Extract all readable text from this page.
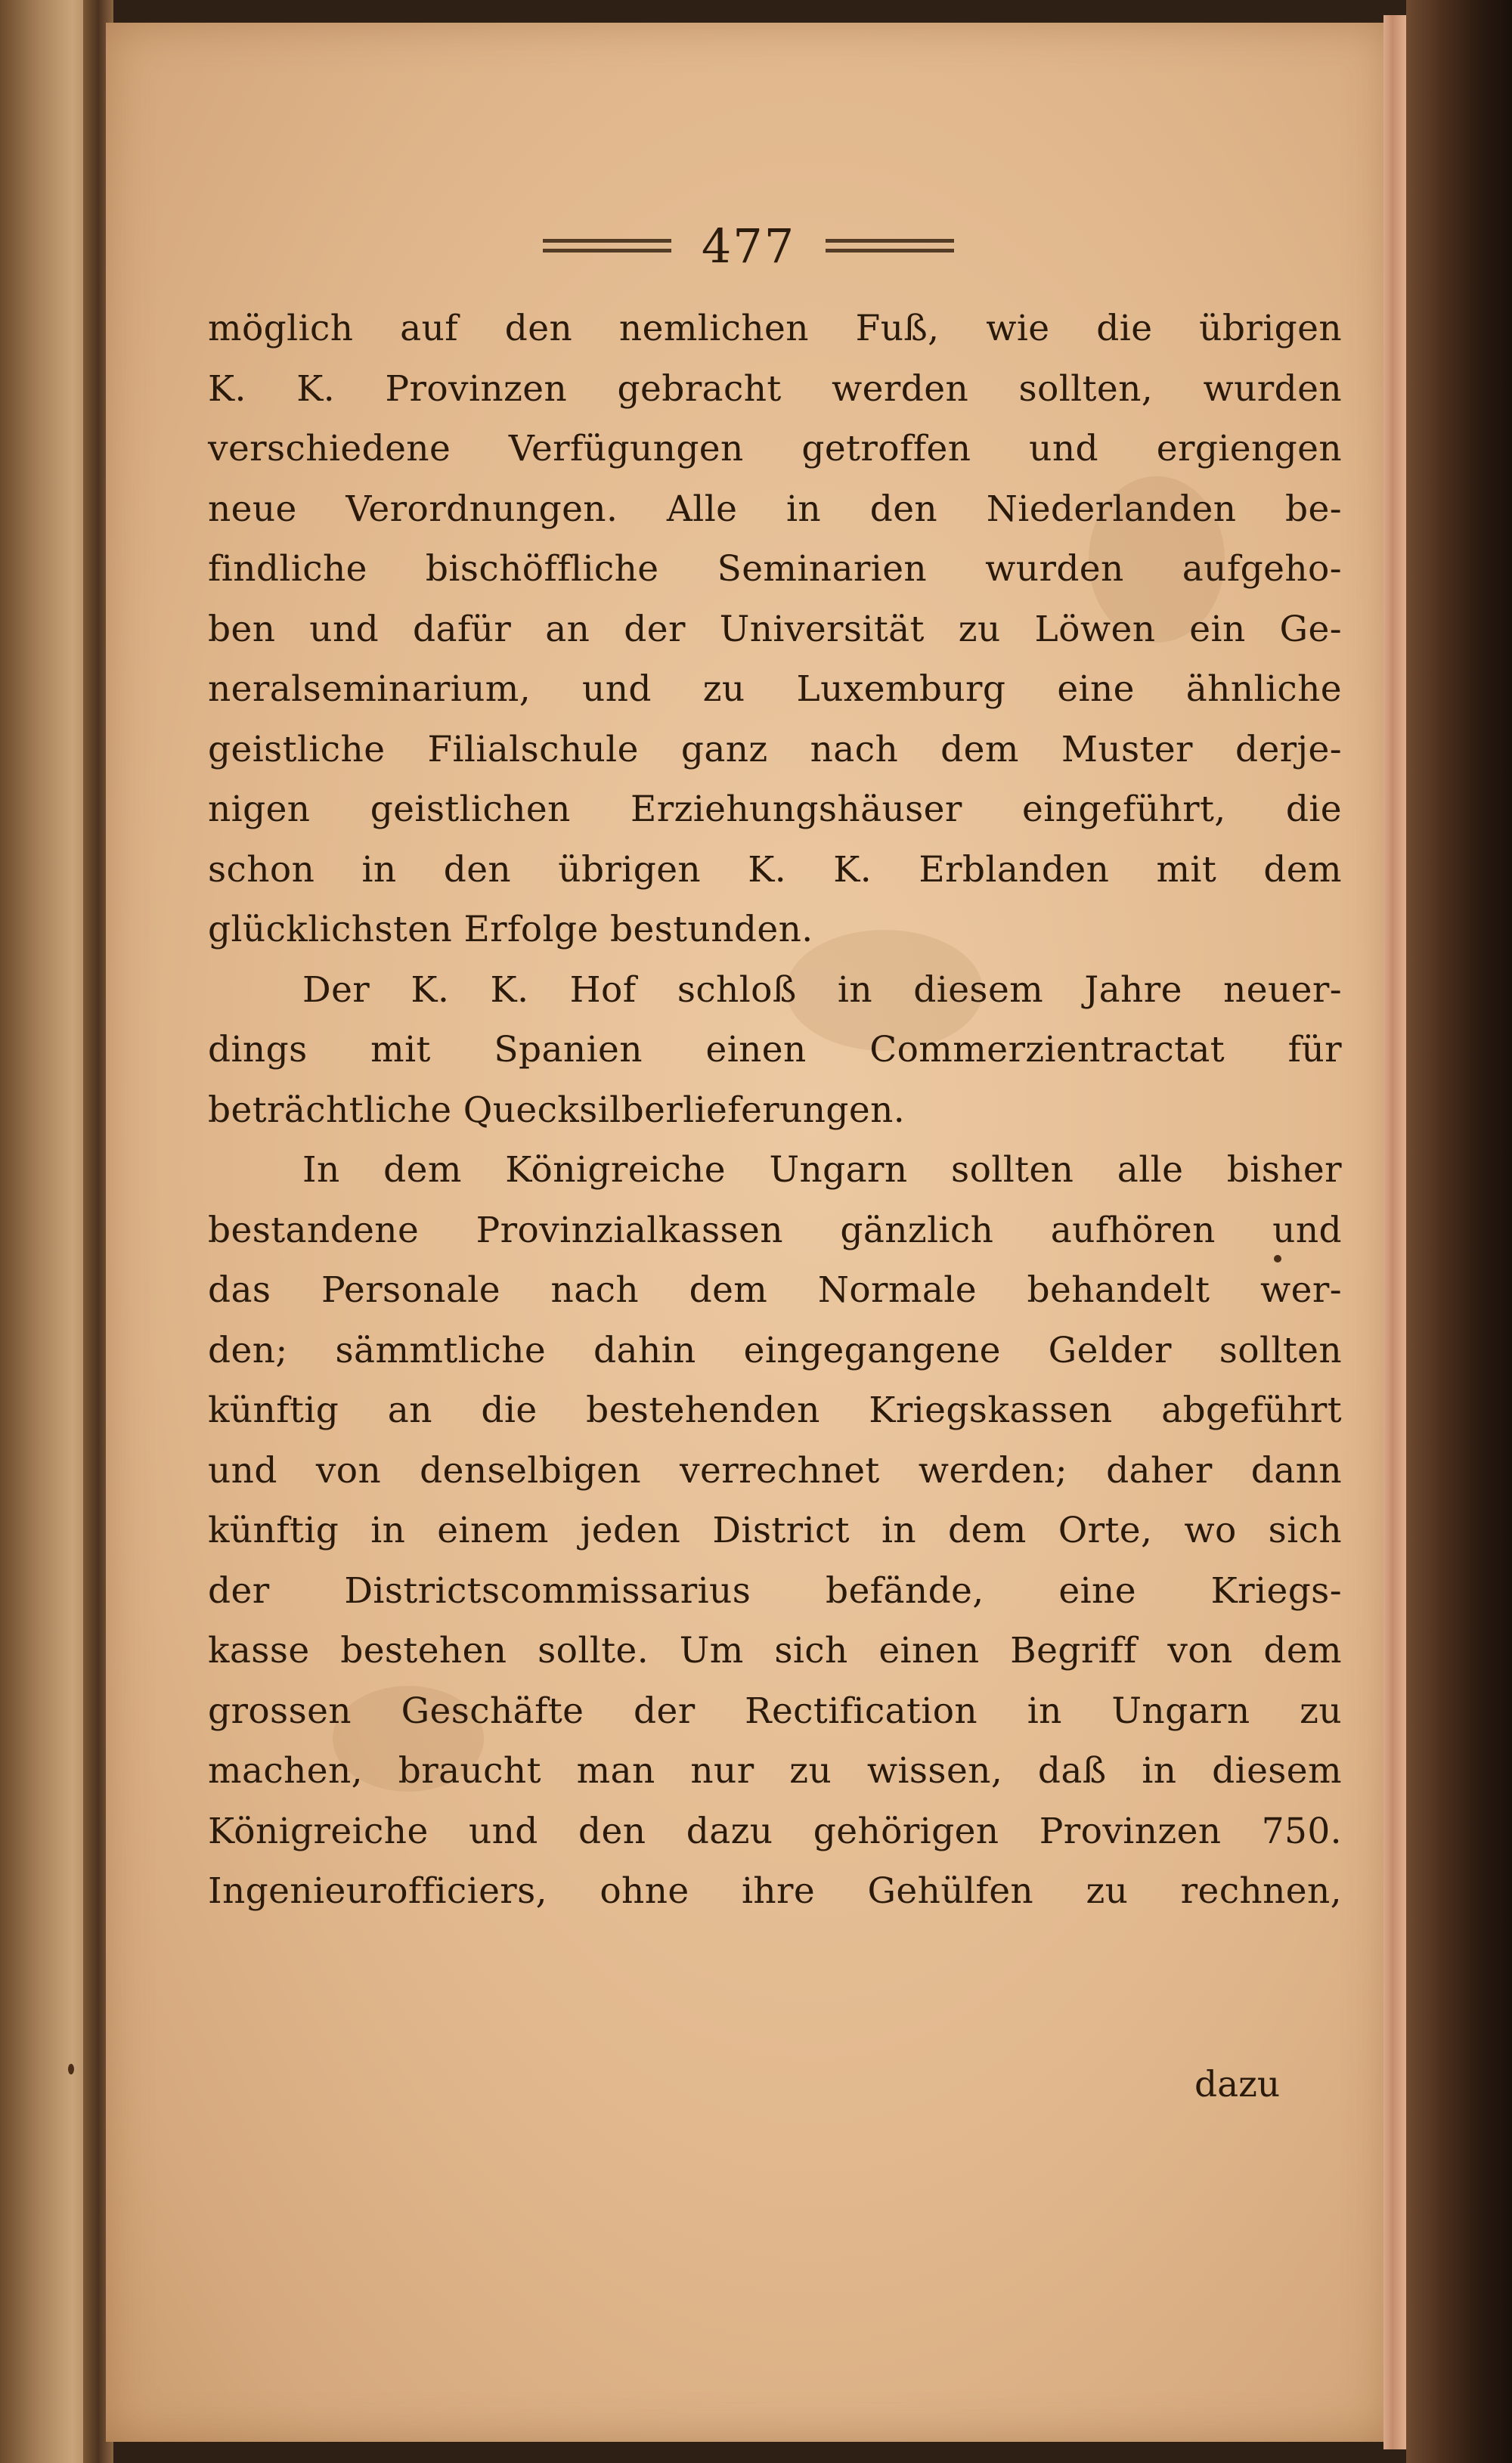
477
möglich auf den nemlichen Fuß, wie die übrigen
K. K. Provinzen gebracht werden sollten, wurden
verschiedene Verfügungen getroffen und ergiengen
neue Verordnungen. Alle in den Niederlanden be-
findliche bischöffliche Seminarien wurden aufgeho-
ben und dafür an der Universität zu Löwen ein Ge-
neralseminarium, und zu Luxemburg eine ähnliche
geistliche Filialschule ganz nach dem Muster derje-
nigen geistlichen Erziehungshäuser eingeführt, die
schon in den übrigen K. K. Erblanden mit dem
glücklichsten Erfolge bestunden.
Der K. K. Hof schloß in diesem Jahre neuer-
dings mit Spanien einen Commerzientractat für
beträchtliche Quecksilberlieferungen.
In dem Königreiche Ungarn sollten alle bisher
bestandene Provinzialkassen gänzlich aufhören und
das Personale nach dem Normale behandelt wer-
den; sämmtliche dahin eingegangene Gelder sollten
künftig an die bestehenden Kriegskassen abgeführt
und von denselbigen verrechnet werden; daher dann
künftig in einem jeden District in dem Orte, wo sich
der Districtscommissarius befände, eine Kriegs-
kasse bestehen sollte. Um sich einen Begriff von dem
grossen Geschäfte der Rectification in Ungarn zu
machen, braucht man nur zu wissen, daß in diesem
Königreiche und den dazu gehörigen Provinzen 750.
Ingenieurofficiers, ohne ihre Gehülfen zu rechnen,
dazu
